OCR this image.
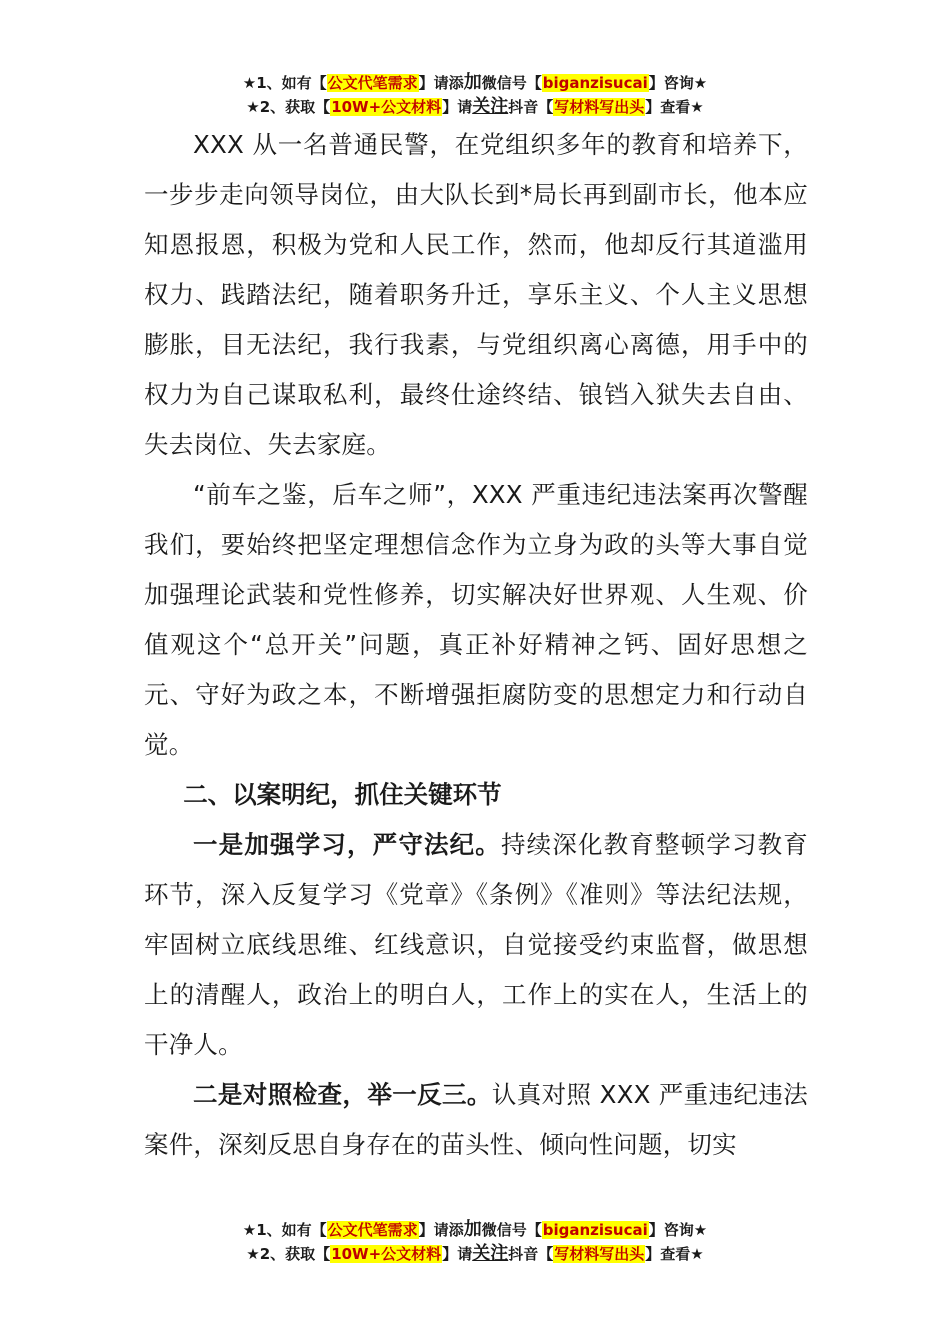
★1、如有【公文代笔需求】请添加微信号【biganzisucai】咨询★
★2、获取【10W+公文材料】请关注抖音【写材料写出头】查看★

XXX 从一名普通民警，在党组织多年的教育和培养下，一步步走向领导岗位，由大队长到*局长再到副市长，他本应知恩报恩，积极为党和人民工作，然而，他却反行其道滥用权力、践踏法纪，随着职务升迁，享乐主义、个人主义思想膨胀，目无法纪，我行我素，与党组织离心离德，用手中的权力为自己谋取私利，最终仕途终结、锒铛入狱失去自由、失去岗位、失去家庭。

“前车之鉴，后车之师”，XXX 严重违纪违法案再次警醒我们，要始终把坚定理想信念作为立身为政的头等大事自觉加强理论武装和党性修养，切实解决好世界观、人生观、价值观这个“总开关”问题，真正补好精神之钙、固好思想之元、守好为政之本，不断增强拒腐防变的思想定力和行动自觉。

二、以案明纪，抓住关键环节

一是加强学习，严守法纪。持续深化教育整顿学习教育环节，深入反复学习《党章》《条例》《准则》等法纪法规，牢固树立底线思维、红线意识，自觉接受约束监督，做思想上的清醒人，政治上的明白人，工作上的实在人，生活上的干净人。

二是对照检查，举一反三。认真对照 XXX 严重违纪违法案件，深刻反思自身存在的苗头性、倾向性问题，切实

★1、如有【公文代笔需求】请添加微信号【biganzisucai】咨询★
★2、获取【10W+公文材料】请关注抖音【写材料写出头】查看★
